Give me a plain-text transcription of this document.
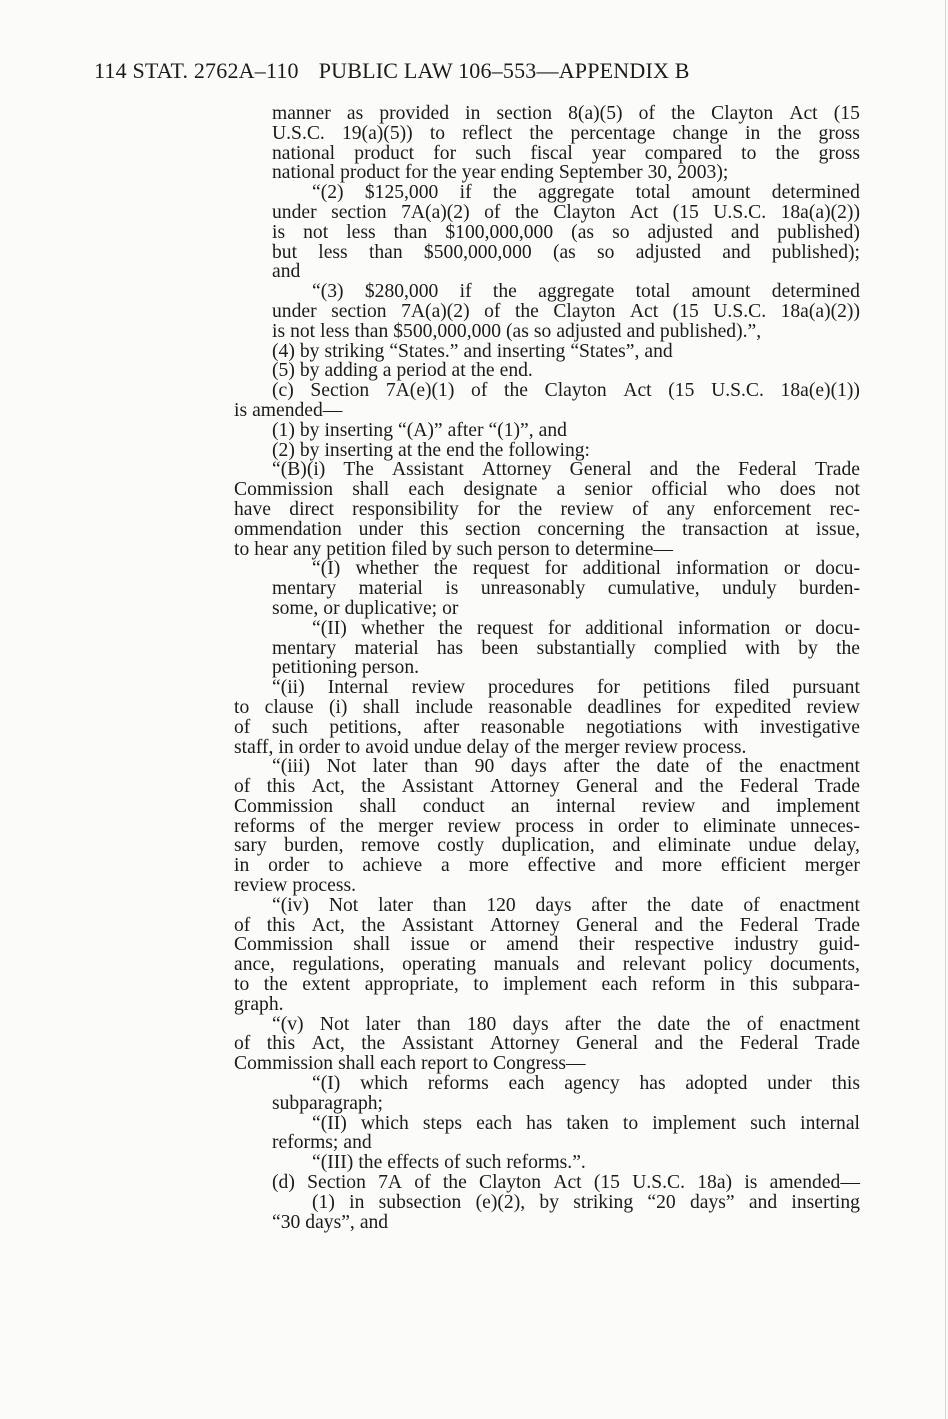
114 STAT. 2762A–110 PUBLIC LAW 106–553—APPENDIX B
manner as provided in section 8(a)(5) of the Clayton Act (15
U.S.C. 19(a)(5)) to reflect the percentage change in the gross
national product for such fiscal year compared to the gross
national product for the year ending September 30, 2003);
“(2) $125,000 if the aggregate total amount determined
under section 7A(a)(2) of the Clayton Act (15 U.S.C. 18a(a)(2))
is not less than $100,000,000 (as so adjusted and published)
but less than $500,000,000 (as so adjusted and published);
and
“(3) $280,000 if the aggregate total amount determined
under section 7A(a)(2) of the Clayton Act (15 U.S.C. 18a(a)(2))
is not less than $500,000,000 (as so adjusted and published).”,
(4) by striking “States.” and inserting “States”, and
(5) by adding a period at the end.
(c) Section 7A(e)(1) of the Clayton Act (15 U.S.C. 18a(e)(1))
is amended—
(1) by inserting “(A)” after “(1)”, and
(2) by inserting at the end the following:
“(B)(i) The Assistant Attorney General and the Federal Trade
Commission shall each designate a senior official who does not
have direct responsibility for the review of any enforcement rec-
ommendation under this section concerning the transaction at issue,
to hear any petition filed by such person to determine—
“(I) whether the request for additional information or docu-
mentary material is unreasonably cumulative, unduly burden-
some, or duplicative; or
“(II) whether the request for additional information or docu-
mentary material has been substantially complied with by the
petitioning person.
“(ii) Internal review procedures for petitions filed pursuant
to clause (i) shall include reasonable deadlines for expedited review
of such petitions, after reasonable negotiations with investigative
staff, in order to avoid undue delay of the merger review process.
“(iii) Not later than 90 days after the date of the enactment
of this Act, the Assistant Attorney General and the Federal Trade
Commission shall conduct an internal review and implement
reforms of the merger review process in order to eliminate unneces-
sary burden, remove costly duplication, and eliminate undue delay,
in order to achieve a more effective and more efficient merger
review process.
“(iv) Not later than 120 days after the date of enactment
of this Act, the Assistant Attorney General and the Federal Trade
Commission shall issue or amend their respective industry guid-
ance, regulations, operating manuals and relevant policy documents,
to the extent appropriate, to implement each reform in this subpara-
graph.
“(v) Not later than 180 days after the date the of enactment
of this Act, the Assistant Attorney General and the Federal Trade
Commission shall each report to Congress—
“(I) which reforms each agency has adopted under this
subparagraph;
“(II) which steps each has taken to implement such internal
reforms; and
“(III) the effects of such reforms.”.
(d) Section 7A of the Clayton Act (15 U.S.C. 18a) is amended—
(1) in subsection (e)(2), by striking “20 days” and inserting
“30 days”, and
